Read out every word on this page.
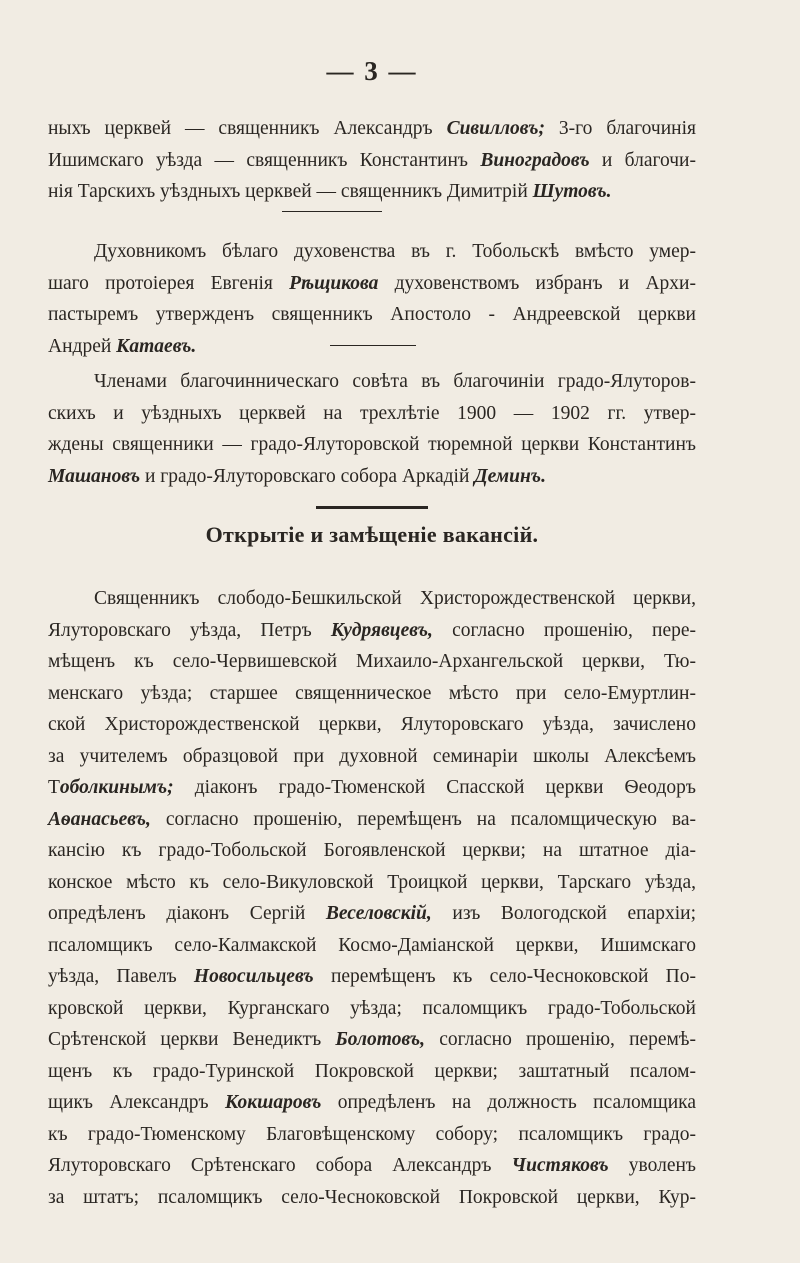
— 3 —
ныхъ церквей — священникъ Александръ Сивилловъ; 3-го благочинія
Ишимскаго уѣзда — священникъ Константинъ Виноградовъ и благочи-
нія Тарскихъ уѣздныхъ церквей — священникъ Димитрій Шутовъ.
Духовникомъ бѣлаго духовенства въ г. Тобольскѣ вмѣсто умер-
шаго протоіерея Евгенія Рѣщикова духовенствомъ избранъ и Архи-
пастыремъ утвержденъ священникъ Апостоло - Андреевской церкви
Андрей Катаевъ.
Членами благочинническаго совѣта въ благочиніи градо-Ялуторов-
скихъ и уѣздныхъ церквей на трехлѣтіе 1900 — 1902 гг. утвер-
ждены священники — градо-Ялуторовской тюремной церкви Константинъ
Машановъ и градо-Ялуторовскаго собора Аркадій Деминъ.
Открытіе и замѣщеніе вакансій.
Священникъ слободо-Бешкильской Христорождественской церкви,
Ялуторовскаго уѣзда, Петръ Кудрявцевъ, согласно прошенію, пере-
мѣщенъ къ село-Червишевской Михаило-Архангельской церкви, Тю-
менскаго уѣзда; старшее священническое мѣсто при село-Емуртлин-
ской Христорождественской церкви, Ялуторовскаго уѣзда, зачислено
за учителемъ образцовой при духовной семинаріи школы Алексѣемъ
Тоболкинымъ; діаконъ градо-Тюменской Спасской церкви Ѳеодоръ
Аѳанасьевъ, согласно прошенію, перемѣщенъ на псаломщическую ва-
кансію къ градо-Тобольской Богоявленской церкви; на штатное діа-
конское мѣсто къ село-Викуловской Троицкой церкви, Тарскаго уѣзда,
опредѣленъ діаконъ Сергій Веселовскій, изъ Вологодской епархіи;
псаломщикъ село-Калмакской Космо-Даміанской церкви, Ишимскаго
уѣзда, Павелъ Новосильцевъ перемѣщенъ къ село-Чесноковской По-
кровской церкви, Курганскаго уѣзда; псаломщикъ градо-Тобольской
Срѣтенской церкви Венедиктъ Болотовъ, согласно прошенію, перемѣ-
щенъ къ градо-Туринской Покровской церкви; заштатный псалом-
щикъ Александръ Кокшаровъ опредѣленъ на должность псаломщика
къ градо-Тюменскому Благовѣщенскому собору; псаломщикъ градо-
Ялуторовскаго Срѣтенскаго собора Александръ Чистяковъ уволенъ
за штатъ; псаломщикъ село-Чесноковской Покровской церкви, Кур-
